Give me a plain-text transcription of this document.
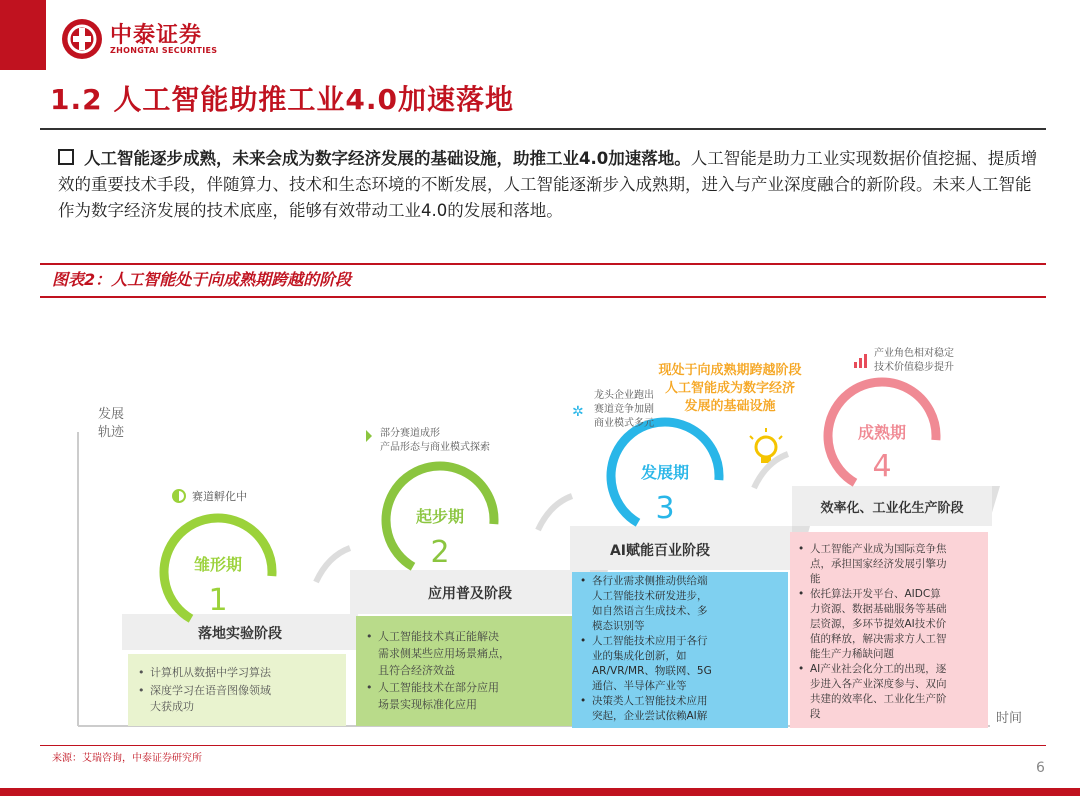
中泰证券
ZHONGTAI SECURITIES
1.2 人工智能助推工业4.0加速落地
人工智能逐步成熟，未来会成为数字经济发展的基础设施，助推工业4.0加速落地。人工智能是助力工业实现数据价值挖掘、提质增效的重要技术手段，伴随算力、技术和生态环境的不断发展，人工智能逐渐步入成熟期，进入与产业深度融合的新阶段。未来人工智能作为数字经济发展的技术底座，能够有效带动工业4.0的发展和落地。
图表2：人工智能处于向成熟期跨越的阶段
发展
轨迹
时间
现处于向成熟期跨越阶段
人工智能成为数字经济
发展的基础设施
落地实验阶段
• 计算机从数据中学习算法 • 深度学习在语音图像领域 大获成功
雏形期
1
赛道孵化中
应用普及阶段
• 人工智能技术真正能解决 需求侧某些应用场景痛点， 且符合经济效益 • 人工智能技术在部分应用 场景实现标准化应用
起步期
2
部分赛道成形
产品形态与商业模式探索
AI赋能百业阶段
• 各行业需求侧推动供给端 人工智能技术研发进步， 如自然语言生成技术、多 模态识别等 • 人工智能技术应用于各行 业的集成化创新，如 AR/VR/MR、物联网、5G 通信、半导体产业等 • 决策类人工智能技术应用 突起，企业尝试依赖AI解
发展期
3
✲
龙头企业跑出
赛道竞争加剧
商业模式多元
效率化、工业化生产阶段
• 人工智能产业成为国际竞争焦 点，承担国家经济发展引擎功 能 • 依托算法开发平台、AIDC算 力资源、数据基础服务等基础 层资源，多环节提效AI技术价 值的释放，解决需求方人工智 能生产力稀缺问题 • AI产业社会化分工的出现，逐 步进入各产业深度参与、双向 共建的效率化、工业化生产阶 段
成熟期
4
产业角色相对稳定
技术价值稳步提升
来源：艾瑞咨询，中泰证券研究所
6
